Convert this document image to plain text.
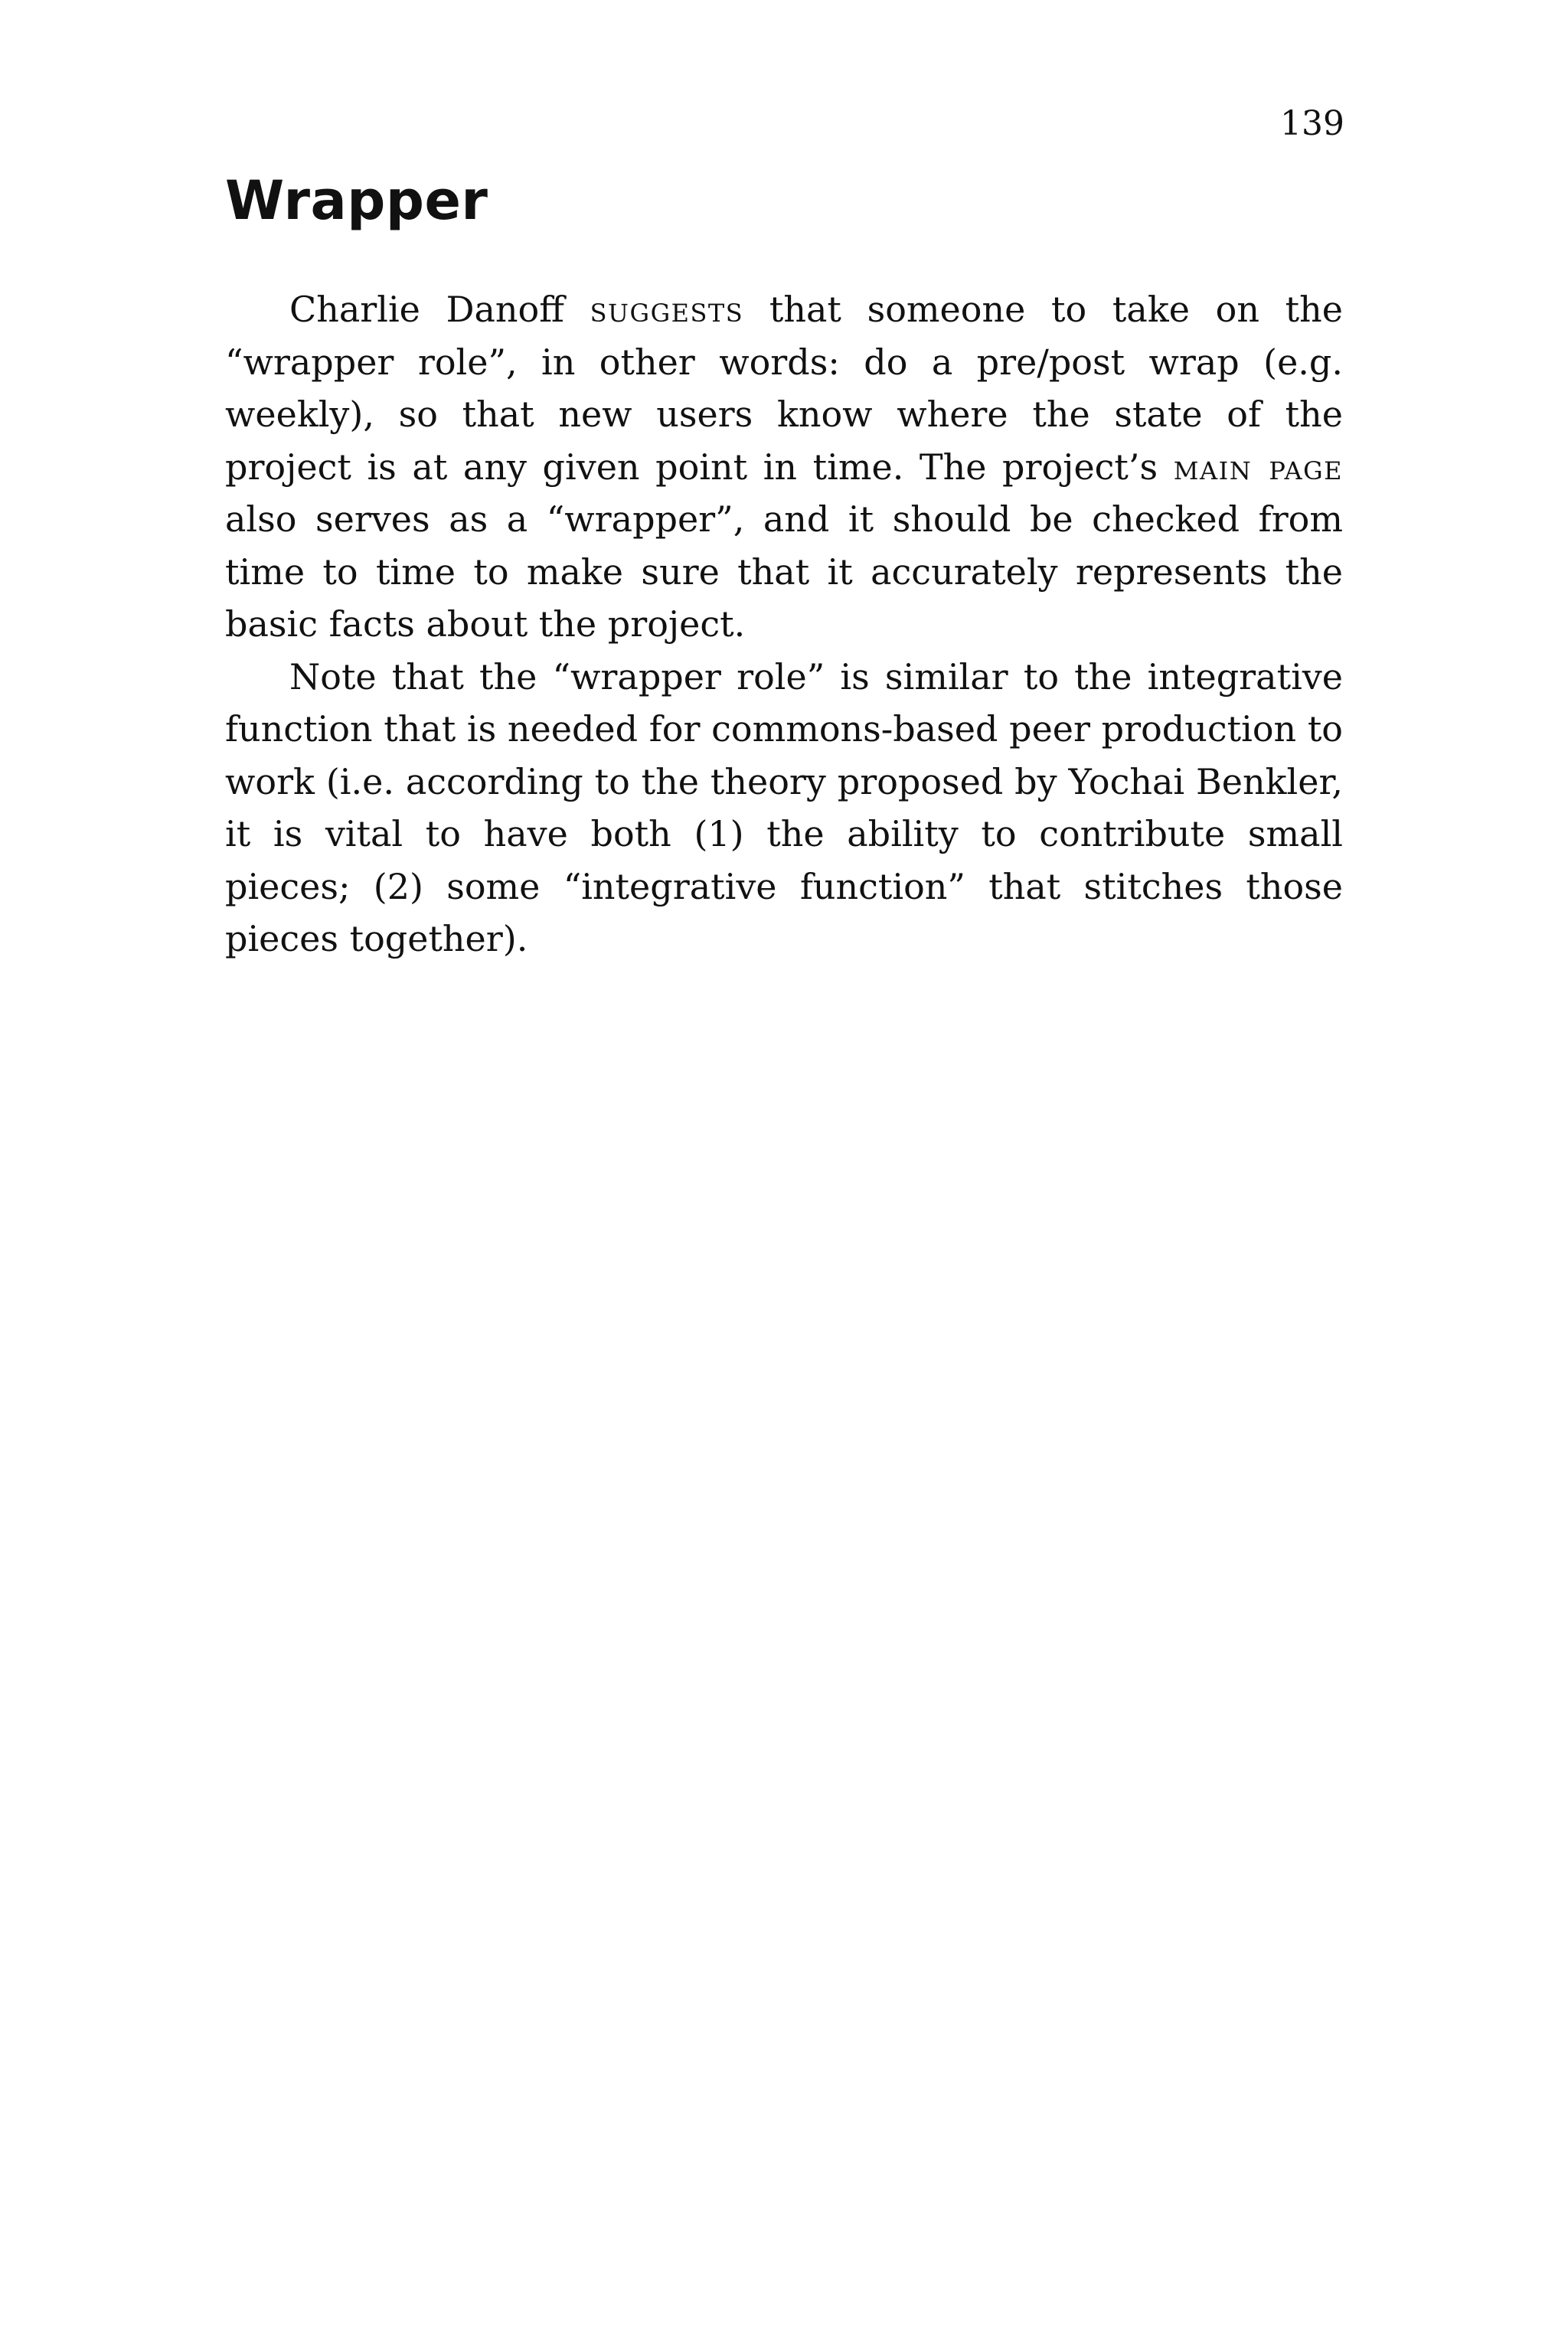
139
Wrapper

Charlie Danoff suggests that someone to take on the “wrapper role”, in other words: do a pre/post wrap (e.g. weekly), so that new users know where the state of the project is at any given point in time. The project’s main page also serves as a “wrapper”, and it should be checked from time to time to make sure that it accurately represents the basic facts about the project.

Note that the “wrapper role” is similar to the integrative function that is needed for commons-based peer production to work (i.e. according to the theory proposed by Yochai Benkler, it is vital to have both (1) the ability to contribute small pieces; (2) some “integrative function” that stitches those pieces together).
